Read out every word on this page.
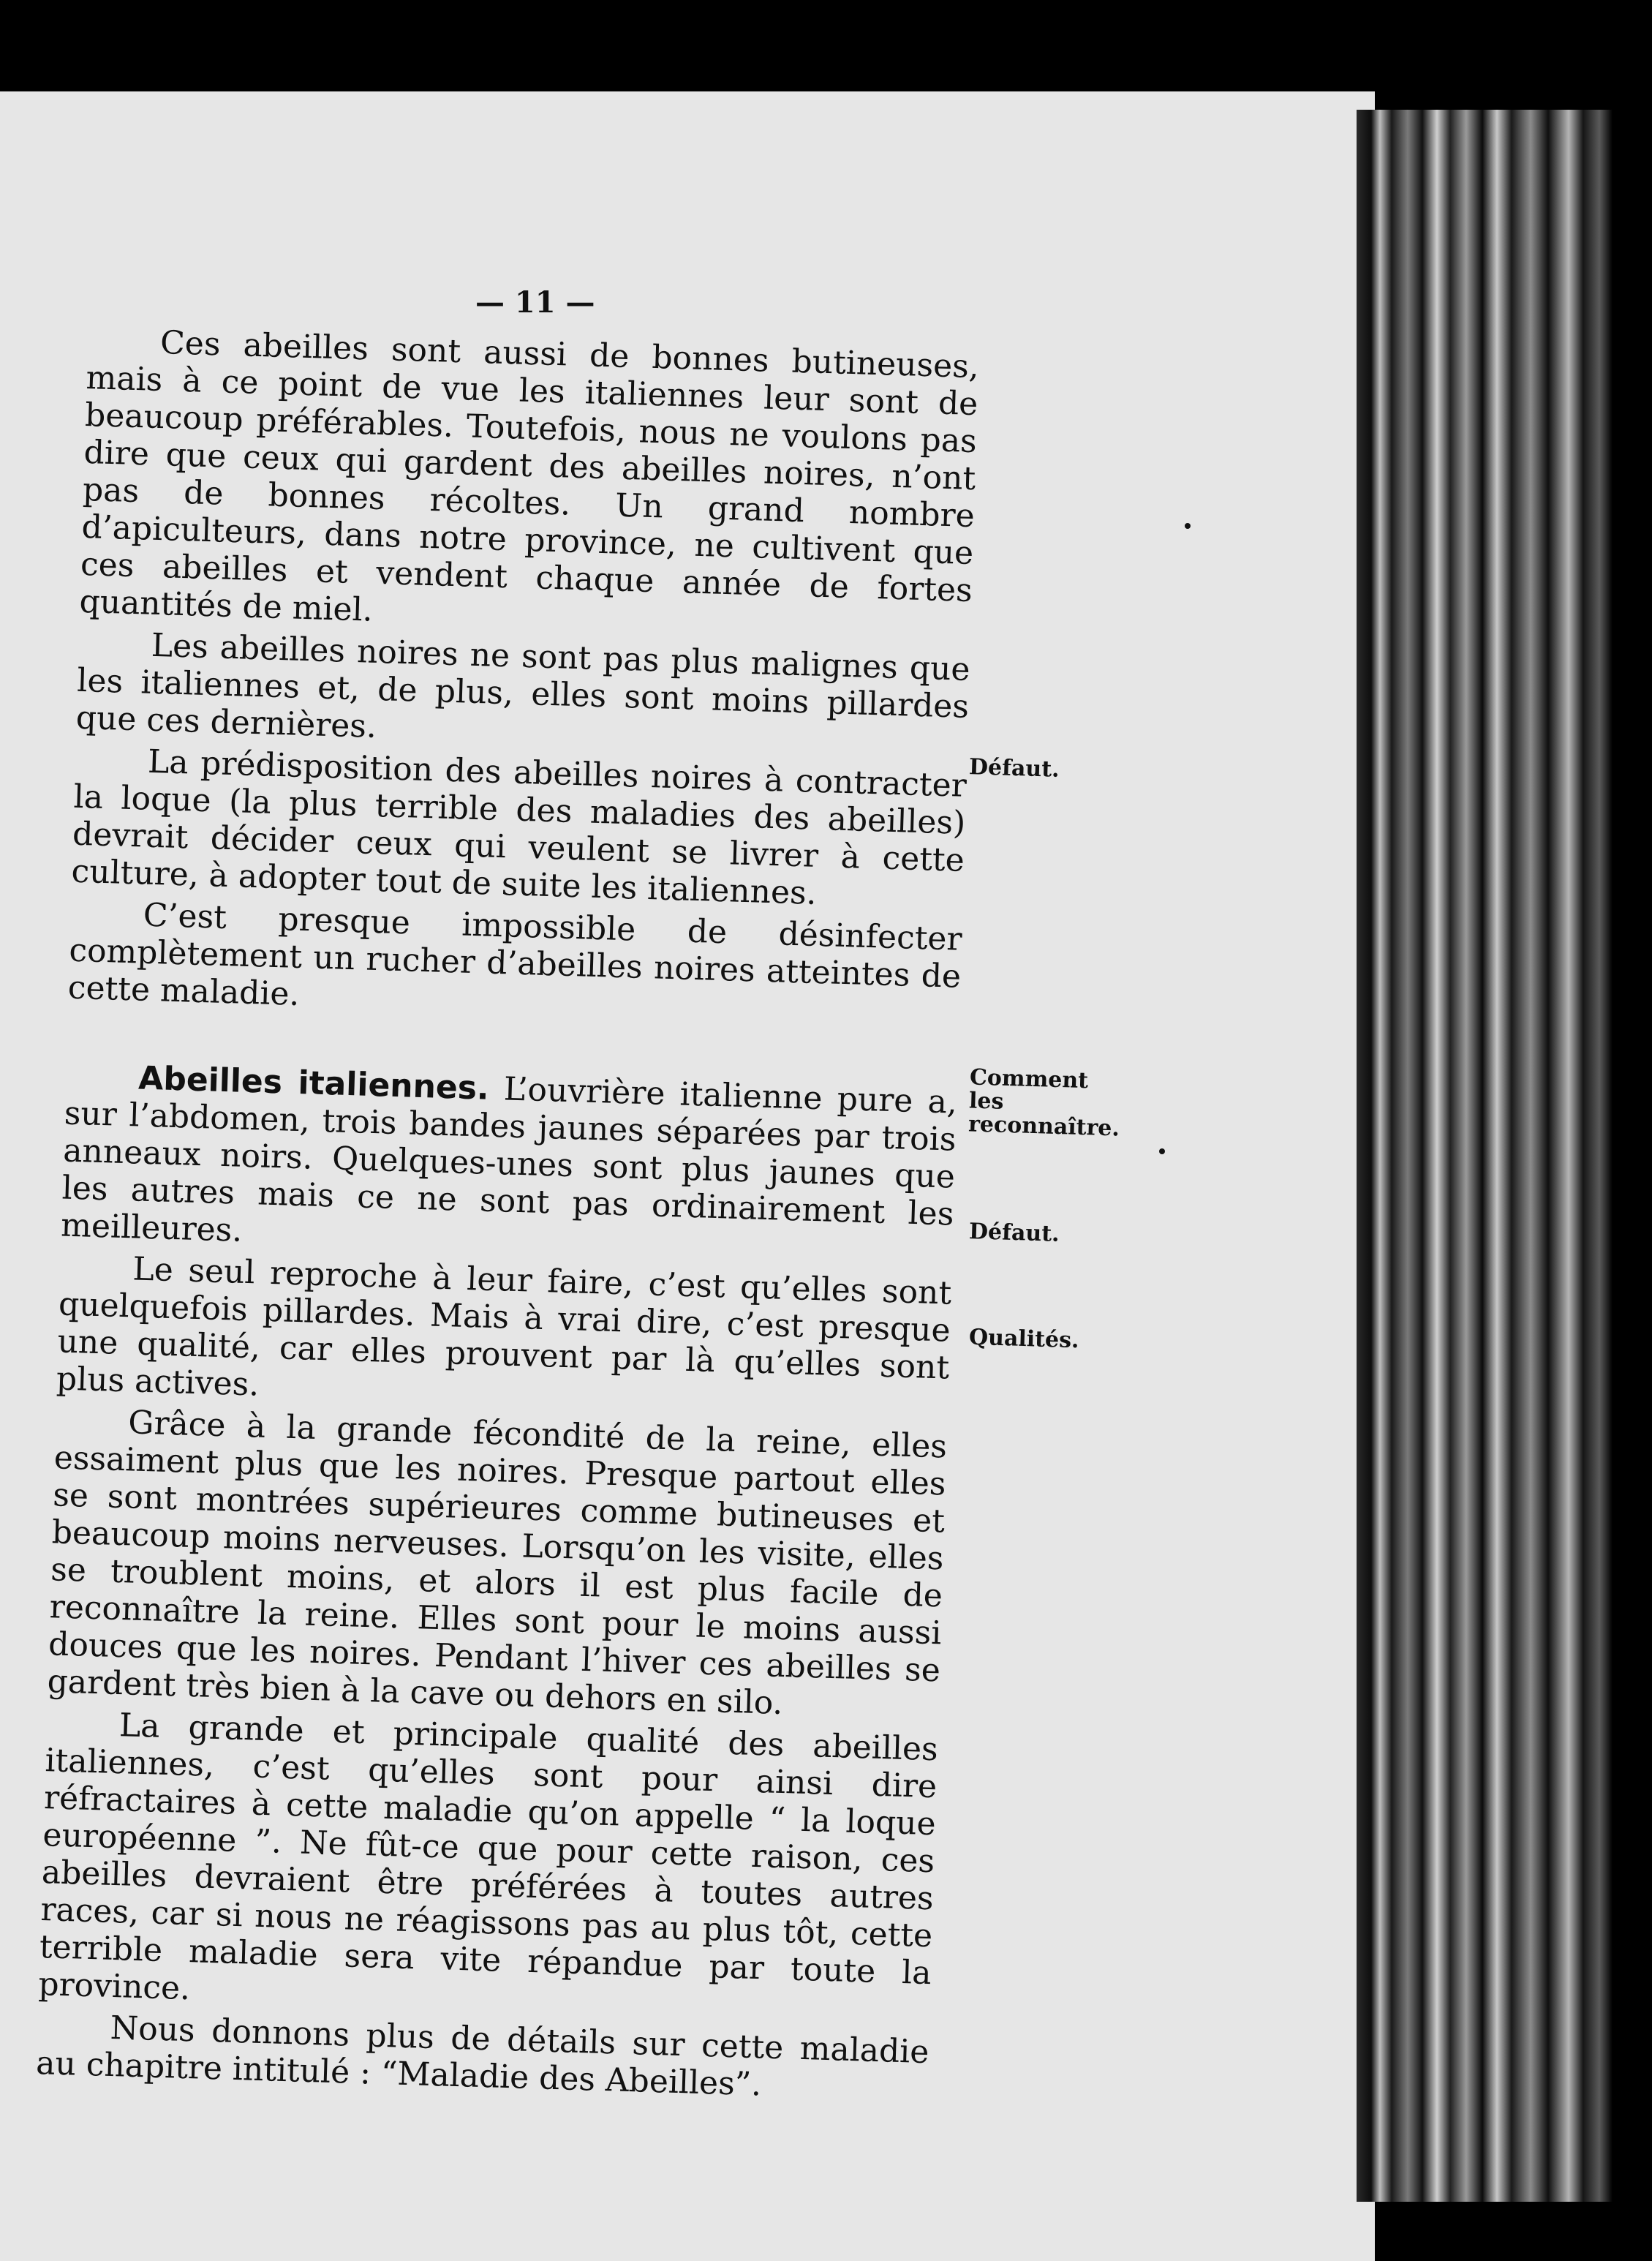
— 11 —

Ces abeilles sont aussi de bonnes butineuses, mais à ce point de vue les italiennes leur sont de beaucoup préférables. Toutefois, nous ne voulons pas dire que ceux qui gardent des abeilles noires, n’ont pas de bonnes récoltes. Un grand nombre d’apiculteurs, dans notre province, ne cultivent que ces abeilles et vendent chaque année de fortes quantités de miel.

Les abeilles noires ne sont pas plus malignes que les italiennes et, de plus, elles sont moins pillardes que ces dernières.

La prédisposition des abeilles noires à contracter la loque (la plus terrible des maladies des abeilles) devrait décider ceux qui veulent se livrer à cette culture, à adopter tout de suite les italiennes.

C’est presque impossible de désinfecter complètement un rucher d’abeilles noires atteintes de cette maladie.

Abeilles italiennes. L’ouvrière italienne pure a, sur l’abdomen, trois bandes jaunes séparées par trois anneaux noirs. Quelques-unes sont plus jaunes que les autres mais ce ne sont pas ordinairement les meilleures.

Le seul reproche à leur faire, c’est qu’elles sont quelquefois pillardes. Mais à vrai dire, c’est presque une qualité, car elles prouvent par là qu’elles sont plus actives.

Grâce à la grande fécondité de la reine, elles essaiment plus que les noires. Presque partout elles se sont montrées supérieures comme butineuses et beaucoup moins nerveuses. Lorsqu’on les visite, elles se troublent moins, et alors il est plus facile de reconnaître la reine. Elles sont pour le moins aussi douces que les noires. Pendant l’hiver ces abeilles se gardent très bien à la cave ou dehors en silo.

La grande et principale qualité des abeilles italiennes, c’est qu’elles sont pour ainsi dire réfractaires à cette maladie qu’on appelle “ la loque européenne ”. Ne fût-ce que pour cette raison, ces abeilles devraient être préférées à toutes autres races, car si nous ne réagissons pas au plus tôt, cette terrible maladie sera vite répandue par toute la province.

Nous donnons plus de détails sur cette maladie au chapitre intitulé : “Maladie des Abeilles”.

Défaut.
Comment les reconnaître.
Défaut.
Qualités.
